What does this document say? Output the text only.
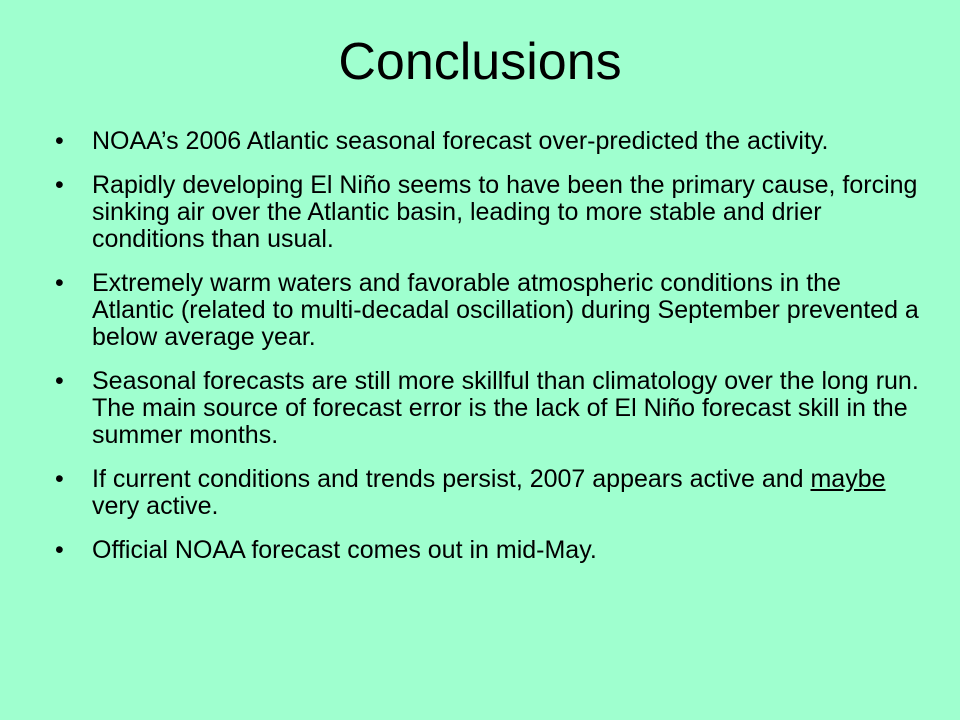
Conclusions
•	NOAA’s 2006 Atlantic seasonal forecast over-predicted the activity.
•	Rapidly developing El Niño seems to have been the primary cause, forcing sinking air over the Atlantic basin, leading to more stable and drier conditions than usual.
•	Extremely warm waters and favorable atmospheric conditions in the Atlantic (related to multi-decadal oscillation) during September prevented a below average year.
•	Seasonal forecasts are still more skillful than climatology over the long run. The main source of forecast error is the lack of El Niño forecast skill in the summer months.
•	If current conditions and trends persist, 2007 appears active and maybe very active.
•	Official NOAA forecast comes out in mid-May.
